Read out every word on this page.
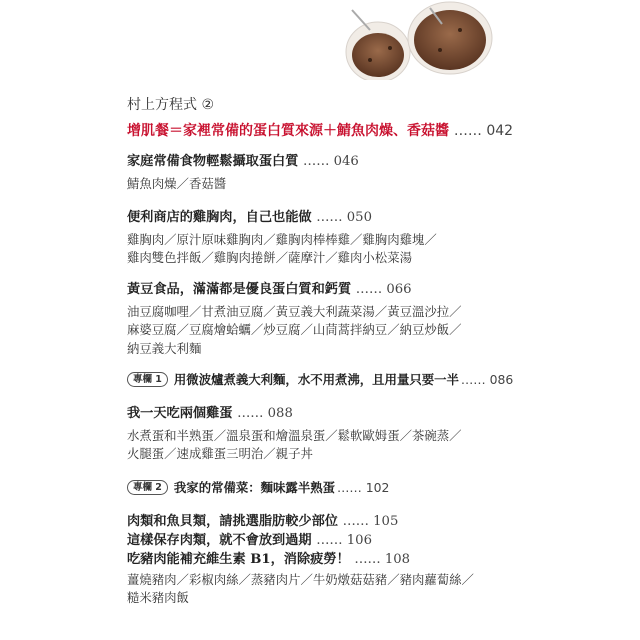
村上方程式 ②
增肌餐＝家裡常備的蛋白質來源＋鯖魚肉燥、香菇醬 …… 042
家庭常備食物輕鬆攝取蛋白質 …… 046
鯖魚肉燥／香菇醬
便利商店的雞胸肉，自己也能做 …… 050
雞胸肉／原汁原味雞胸肉／雞胸肉棒棒雞／雞胸肉雞塊／
雞肉雙色拌飯／雞胸肉捲餅／薩摩汁／雞肉小松菜湯
黃豆食品，滿滿都是優良蛋白質和鈣質 …… 066
油豆腐咖哩／甘煮油豆腐／黃豆義大利蔬菜湯／黃豆溫沙拉／
麻婆豆腐／豆腐燴蛤蠣／炒豆腐／山茼蒿拌納豆／納豆炒飯／
納豆義大利麵
專欄 1 用微波爐煮義大利麵，水不用煮沸，且用量只要一半 …… 086
我一天吃兩個雞蛋 …… 088
水煮蛋和半熟蛋／溫泉蛋和燴溫泉蛋／鬆軟歐姆蛋／茶碗蒸／
火腿蛋／速成雞蛋三明治／親子丼
專欄 2 我家的常備菜：麵味露半熟蛋 …… 102
肉類和魚貝類，請挑選脂肪較少部位 …… 105
這樣保存肉類，就不會放到過期 …… 106
吃豬肉能補充維生素 B1，消除疲勞！ …… 108
薑燒豬肉／彩椒肉絲／蒸豬肉片／牛奶燉菇菇豬／豬肉蘿蔔絲／
糙米豬肉飯
